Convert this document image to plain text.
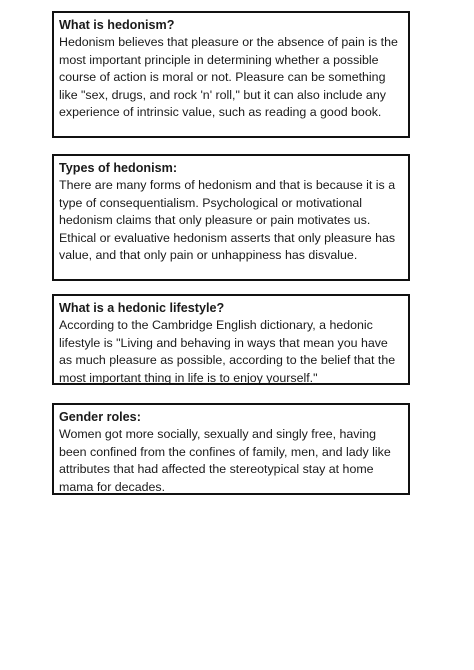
What is hedonism?

Hedonism believes that pleasure or the absence of pain is the most important principle in determining whether a possible course of action is moral or not. Pleasure can be something like "sex, drugs, and rock 'n' roll," but it can also include any experience of intrinsic value, such as reading a good book.

Types of hedonism:

There are many forms of hedonism and that is because it is a type of consequentialism. Psychological or motivational hedonism claims that only pleasure or pain motivates us. Ethical or evaluative hedonism asserts that only pleasure has value, and that only pain or unhappiness has disvalue.

What is a hedonic lifestyle?

According to the Cambridge English dictionary, a hedonic lifestyle is "Living and behaving in ways that mean you have as much pleasure as possible, according to the belief that the most important thing in life is to enjoy yourself."

Gender roles:

Women got more socially, sexually and singly free, having been confined from the confines of family, men, and lady like attributes that had affected the stereotypical stay at home mama for decades.
